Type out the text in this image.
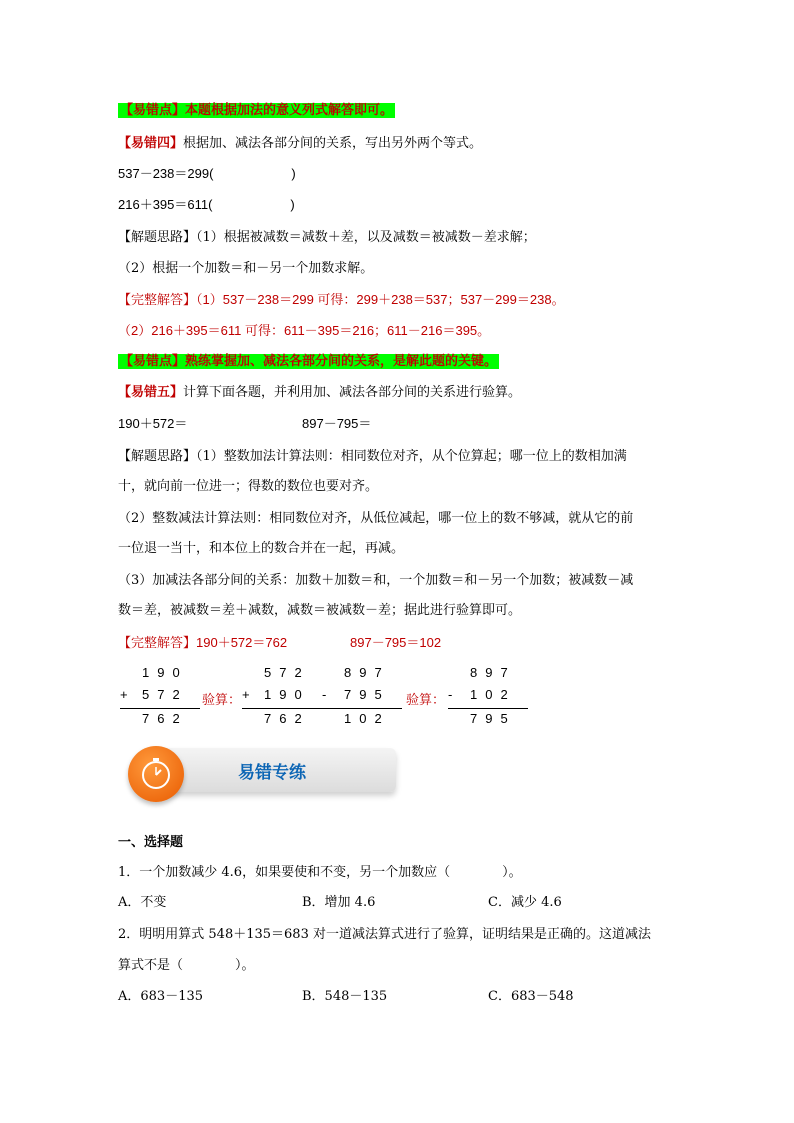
【易错点】本题根据加法的意义列式解答即可。
【易错四】根据加、减法各部分间的关系，写出另外两个等式。
537－238＝299(　　　　　　)
216＋395＝611(　　　　　　)
【解题思路】（1）根据被减数＝减数＋差，以及减数＝被减数－差求解；
（2）根据一个加数＝和－另一个加数求解。
【完整解答】（1）537－238＝299 可得：299＋238＝537；537－299＝238。
（2）216＋395＝611 可得：611－395＝216；611－216＝395。
【易错点】熟练掌握加、减法各部分间的关系，是解此题的关键。
【易错五】计算下面各题，并利用加、减法各部分间的关系进行验算。
190＋572＝	897－795＝
【解题思路】（1）整数加法计算法则：相同数位对齐，从个位算起；哪一位上的数相加满
十，就向前一位进一；得数的数位也要对齐。
（2）整数减法计算法则：相同数位对齐，从低位减起，哪一位上的数不够减，就从它的前
一位退一当十，和本位上的数合并在一起，再减。
（3）加减法各部分间的关系：加数＋加数＝和，一个加数＝和－另一个加数；被减数－减
数＝差，被减数＝差＋减数，减数＝被减数－差；据此进行验算即可。
【完整解答】190＋572＝762	897－795＝102
190
+ 572
762
验算：
572
+ 190
762
897
- 795
102
验算：
897
- 102
795
易错专练
一、选择题
1．一个加数减少 4.6，如果要使和不变，另一个加数应（　　　　）。
A．不变	B．增加 4.6	C．减少 4.6
2．明明用算式 548＋135＝683 对一道减法算式进行了验算，证明结果是正确的。这道减法
算式不是（　　　　）。
A．683－135	B．548－135	C．683－548
